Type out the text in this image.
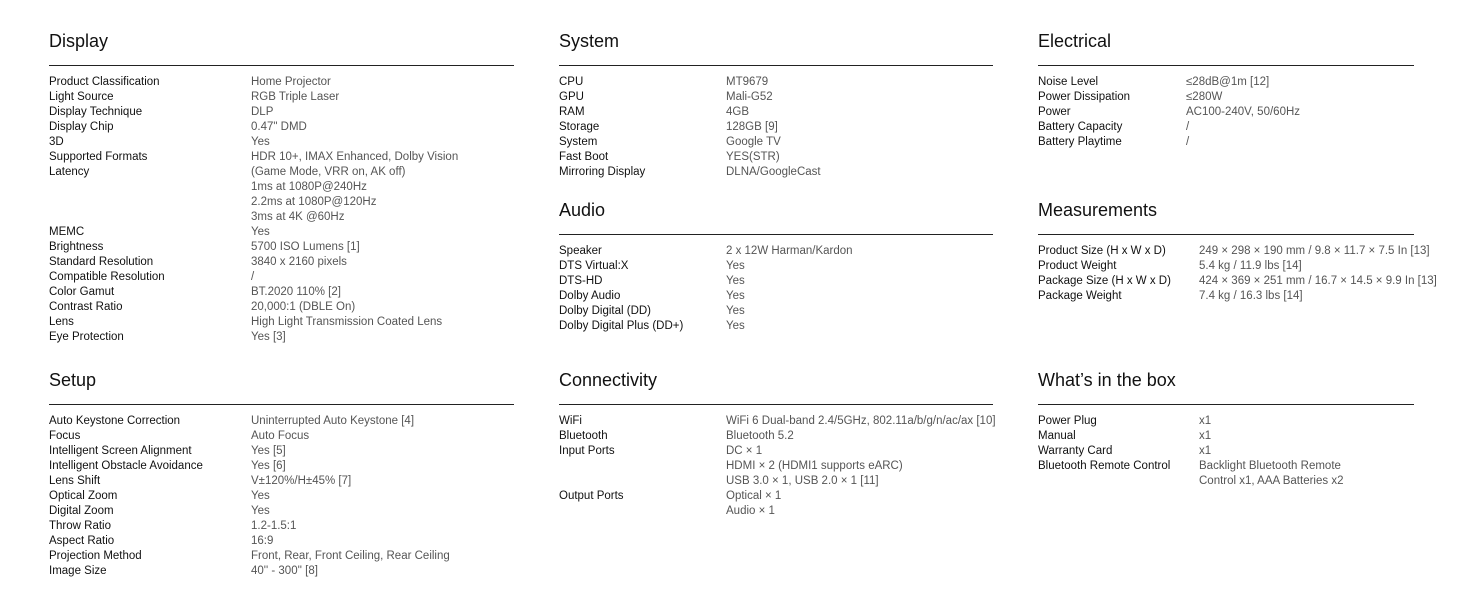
Display
Product Classification	Home Projector
Light Source	RGB Triple Laser
Display Technique	DLP
Display Chip	0.47" DMD
3D	Yes
Supported Formats	HDR 10+, IMAX Enhanced, Dolby Vision
Latency	(Game Mode, VRR on, AK off)
1ms at 1080P@240Hz
2.2ms at 1080P@120Hz
3ms at 4K @60Hz
MEMC	Yes
Brightness	5700 ISO Lumens [1]
Standard Resolution	3840 x 2160 pixels
Compatible Resolution	/
Color Gamut	BT.2020 110% [2]
Contrast Ratio	20,000:1 (DBLE On)
Lens	High Light Transmission Coated Lens
Eye Protection	Yes [3]
Setup
Auto Keystone Correction	Uninterrupted Auto Keystone [4]
Focus	Auto Focus
Intelligent Screen Alignment	Yes [5]
Intelligent Obstacle Avoidance	Yes [6]
Lens Shift	V±120%/H±45% [7]
Optical Zoom	Yes
Digital Zoom	Yes
Throw Ratio	1.2-1.5:1
Aspect Ratio	16:9
Projection Method	Front, Rear, Front Ceiling, Rear Ceiling
Image Size	40'' - 300'' [8]
System
CPU	MT9679
GPU	Mali-G52
RAM	4GB
Storage	128GB [9]
System	Google TV
Fast Boot	YES(STR)
Mirroring Display	DLNA/GoogleCast
Audio
Speaker	2 x 12W Harman/Kardon
DTS Virtual:X	Yes
DTS-HD	Yes
Dolby Audio	Yes
Dolby Digital (DD)	Yes
Dolby Digital Plus (DD+)	Yes
Connectivity
WiFi	WiFi 6 Dual-band 2.4/5GHz, 802.11a/b/g/n/ac/ax [10]
Bluetooth	Bluetooth 5.2
Input Ports	DC × 1
HDMI × 2 (HDMI1 supports eARC)
USB 3.0 × 1, USB 2.0 × 1 [11]
Output Ports	Optical × 1
Audio × 1
Electrical
Noise Level	≤28dB@1m [12]
Power Dissipation	≤280W
Power	AC100-240V, 50/60Hz
Battery Capacity	/
Battery Playtime	/
Measurements
Product Size (H x W x D)	249 × 298 × 190 mm / 9.8 × 11.7 × 7.5 In [13]
Product Weight	5.4 kg / 11.9 lbs [14]
Package Size (H x W x D)	424 × 369 × 251 mm / 16.7 × 14.5 × 9.9 In [13]
Package Weight	7.4 kg / 16.3 lbs [14]
What’s in the box
Power Plug	x1
Manual	x1
Warranty Card	x1
Bluetooth Remote Control	Backlight Bluetooth Remote
Control x1, AAA Batteries x2
